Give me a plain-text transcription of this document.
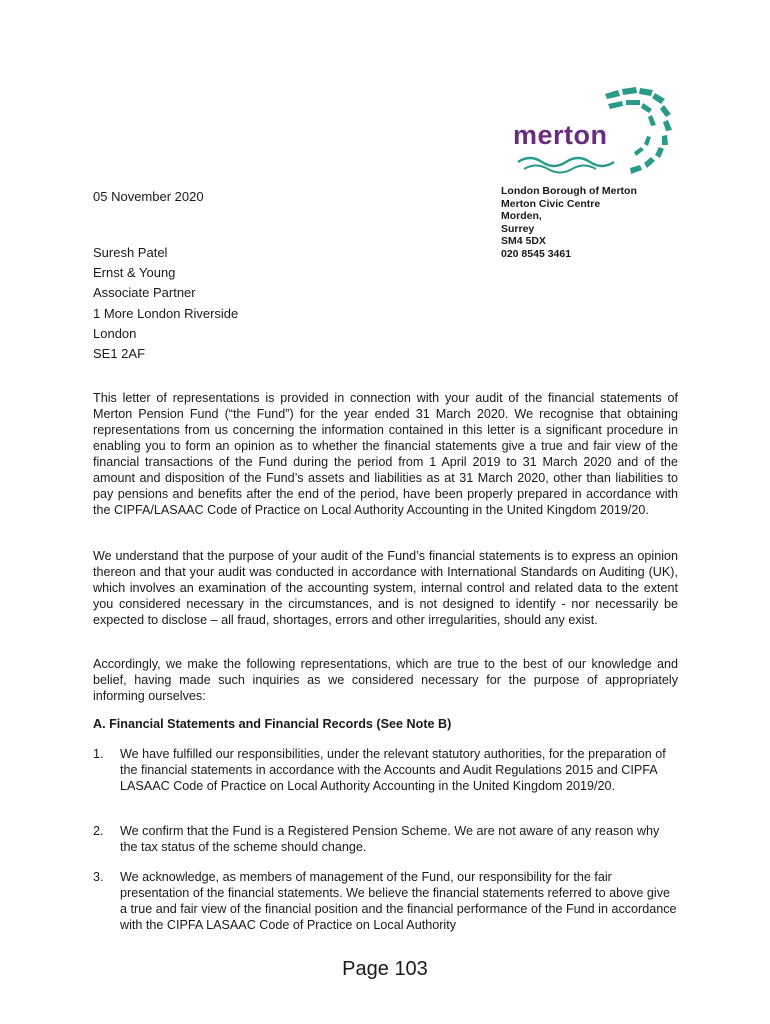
merton
05 November 2020	London Borough of Merton
Merton Civic Centre
Morden,
Surrey
SM4 5DX
020 8545 3461
Suresh Patel
Ernst & Young
Associate Partner
1 More London Riverside
London
SE1 2AF
This letter of representations is provided in connection with your audit of the financial statements of Merton Pension Fund (“the Fund”) for the year ended 31 March 2020. We recognise that obtaining representations from us concerning the information contained in this letter is a significant procedure in enabling you to form an opinion as to whether the financial statements give a true and fair view of the financial transactions of the Fund during the period from 1 April 2019 to 31 March 2020 and of the amount and disposition of the Fund’s assets and liabilities as at 31 March 2020, other than liabilities to pay pensions and benefits after the end of the period, have been properly prepared in accordance with the CIPFA/LASAAC Code of Practice on Local Authority Accounting in the United Kingdom 2019/20.
We understand that the purpose of your audit of the Fund’s financial statements is to express an opinion thereon and that your audit was conducted in accordance with International Standards on Auditing (UK), which involves an examination of the accounting system, internal control and related data to the extent you considered necessary in the circumstances, and is not designed to identify - nor necessarily be expected to disclose – all fraud, shortages, errors and other irregularities, should any exist.
Accordingly, we make the following representations, which are true to the best of our knowledge and belief, having made such inquiries as we considered necessary for the purpose of appropriately informing ourselves:
A. Financial Statements and Financial Records (See Note B)
1. We have fulfilled our responsibilities, under the relevant statutory authorities, for the preparation of the financial statements in accordance with the Accounts and Audit Regulations 2015 and CIPFA LASAAC Code of Practice on Local Authority Accounting in the United Kingdom 2019/20.
2. We confirm that the Fund is a Registered Pension Scheme. We are not aware of any reason why the tax status of the scheme should change.
3. We acknowledge, as members of management of the Fund, our responsibility for the fair presentation of the financial statements. We believe the financial statements referred to above give a true and fair view of the financial position and the financial performance of the Fund in accordance with the CIPFA LASAAC Code of Practice on Local Authority
Page 103
